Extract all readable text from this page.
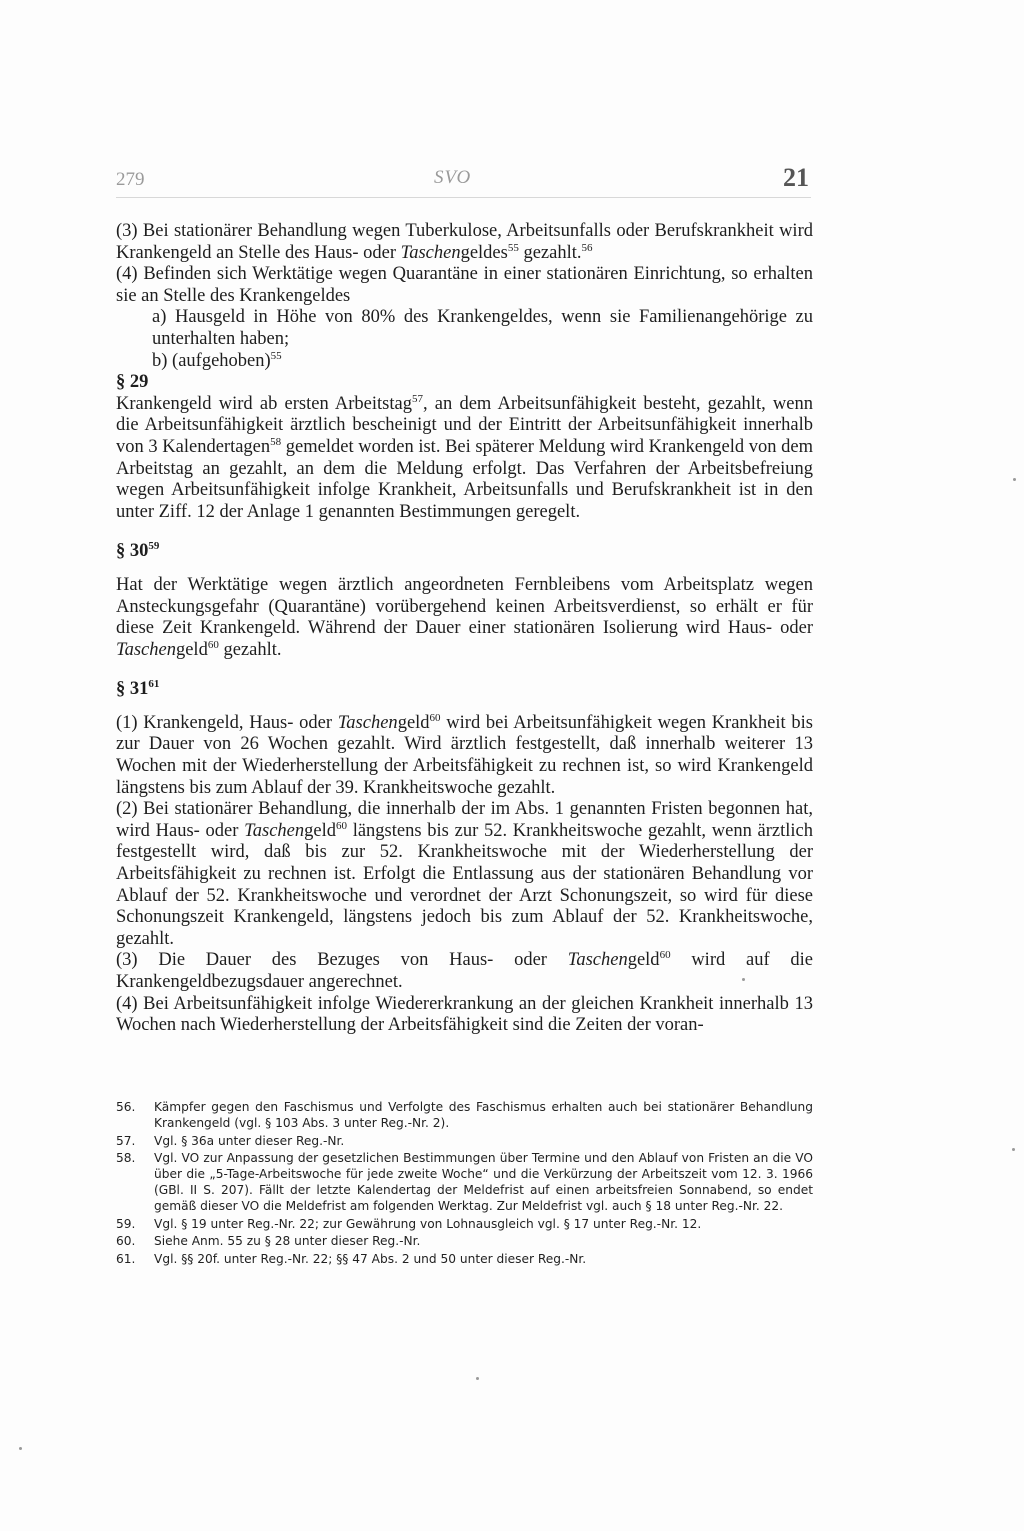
279	SVO	21

(3) Bei stationärer Behandlung wegen Tuberkulose, Arbeitsunfalls oder Berufskrankheit wird Krankengeld an Stelle des Haus- oder Taschengeldes$^{55}$ gezahlt.$^{56}$

(4) Befinden sich Werktätige wegen Quarantäne in einer stationären Einrichtung, so erhalten sie an Stelle des Krankengeldes

a) Hausgeld in Höhe von 80% des Krankengeldes, wenn sie Familienangehörige zu unterhalten haben;

b) (aufgehoben)$^{55}$

§ 29

Krankengeld wird ab ersten Arbeitstag$^{57}$, an dem Arbeitsunfähigkeit besteht, gezahlt, wenn die Arbeitsunfähigkeit ärztlich bescheinigt und der Eintritt der Arbeitsunfähigkeit innerhalb von 3 Kalendertagen$^{58}$ gemeldet worden ist. Bei späterer Meldung wird Krankengeld von dem Arbeitstag an gezahlt, an dem die Meldung erfolgt. Das Verfahren der Arbeitsbefreiung wegen Arbeitsunfähigkeit infolge Krankheit, Arbeitsunfalls und Berufskrankheit ist in den unter Ziff. 12 der Anlage 1 genannten Bestimmungen geregelt.

§ $30^{59}$

Hat der Werktätige wegen ärztlich angeordneten Fernbleibens vom Arbeitsplatz wegen Ansteckungsgefahr (Quarantäne) vorübergehend keinen Arbeitsverdienst, so erhält er für diese Zeit Krankengeld. Während der Dauer einer stationären Isolierung wird Haus- oder Taschengeld$^{60}$ gezahlt.

§ $31^{61}$

(1) Krankengeld, Haus- oder Taschengeld$^{60}$ wird bei Arbeitsunfähigkeit wegen Krankheit bis zur Dauer von 26 Wochen gezahlt. Wird ärztlich festgestellt, daß innerhalb weiterer 13 Wochen mit der Wiederherstellung der Arbeitsfähigkeit zu rechnen ist, so wird Krankengeld längstens bis zum Ablauf der 39. Krankheitswoche gezahlt.

(2) Bei stationärer Behandlung, die innerhalb der im Abs. 1 genannten Fristen begonnen hat, wird Haus- oder Taschengeld$^{60}$ längstens bis zur 52. Krankheitswoche gezahlt, wenn ärztlich festgestellt wird, daß bis zur 52. Krankheitswoche mit der Wiederherstellung der Arbeitsfähigkeit zu rechnen ist. Erfolgt die Entlassung aus der stationären Behandlung vor Ablauf der 52. Krankheitswoche und verordnet der Arzt Schonungszeit, so wird für diese Schonungszeit Krankengeld, längstens jedoch bis zum Ablauf der 52. Krankheitswoche, gezahlt.

(3) Die Dauer des Bezuges von Haus- oder Taschengeld$^{60}$ wird auf die Krankengeldbezugsdauer angerechnet.

(4) Bei Arbeitsunfähigkeit infolge Wiedererkrankung an der gleichen Krankheit innerhalb 13 Wochen nach Wiederherstellung der Arbeitsfähigkeit sind die Zeiten der voran-

56.	Kämpfer gegen den Faschismus und Verfolgte des Faschismus erhalten auch bei stationärer Behandlung Krankengeld (vgl. § 103 Abs. 3 unter Reg.-Nr. 2).
57.	Vgl. § 36a unter dieser Reg.-Nr.
58.	Vgl. VO zur Anpassung der gesetzlichen Bestimmungen über Termine und den Ablauf von Fristen an die VO über die „5-Tage-Arbeitswoche für jede zweite Woche“ und die Verkürzung der Arbeitszeit vom 12. 3. 1966 (GBl. II S. 207). Fällt der letzte Kalendertag der Meldefrist auf einen arbeitsfreien Sonnabend, so endet gemäß dieser VO die Meldefrist am folgenden Werktag. Zur Meldefrist vgl. auch § 18 unter Reg.-Nr. 22.
59.	Vgl. § 19 unter Reg.-Nr. 22; zur Gewährung von Lohnausgleich vgl. § 17 unter Reg.-Nr. 12.
60.	Siehe Anm. 55 zu § 28 unter dieser Reg.-Nr.
61.	Vgl. §§ 20f. unter Reg.-Nr. 22; §§ 47 Abs. 2 und 50 unter dieser Reg.-Nr.
